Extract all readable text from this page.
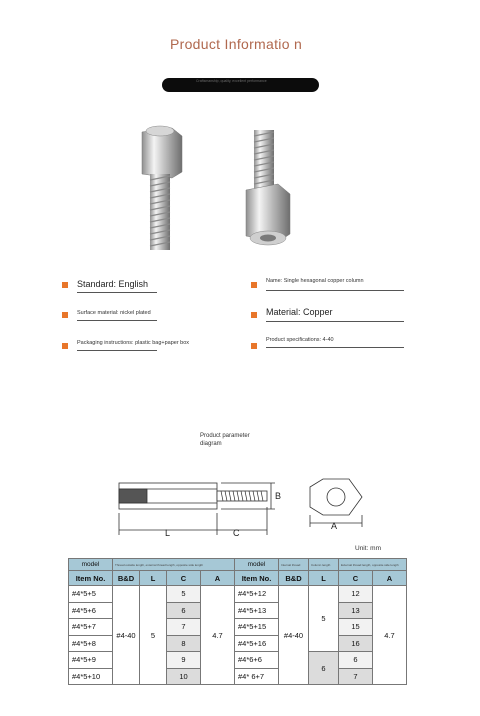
Product Informatio n
Craftsmanship, quality, excellent performance
Standard: English
Surface material: nickel plated
Packaging instructions: plastic bag+paper box
Name: Single hexagonal copper column
Material: Copper
Product specifications: 4-40
Product parameter
diagram
B
L	C
A
Unit: mm
model	Thread outside length, external thread length, opposite side length			
Item No.	B&D	L	C	A
#4*5+5	#4-40	5	5	4.7
#4*5+6			6	
#4*5+7			7	
#4*5+8			8	
#4*5+9			9	
#4*5+10			10	
model	Internal thread	Column length	External thread length, opposite side length	
Item No.	B&D	L	C	A
#4*5+12	#4-40	5	12	4.7
#4*5+13			13	
#4*5+15			15	
#4*5+16			16	
#4*6+6		6	6	
#4* 6+7			7	
